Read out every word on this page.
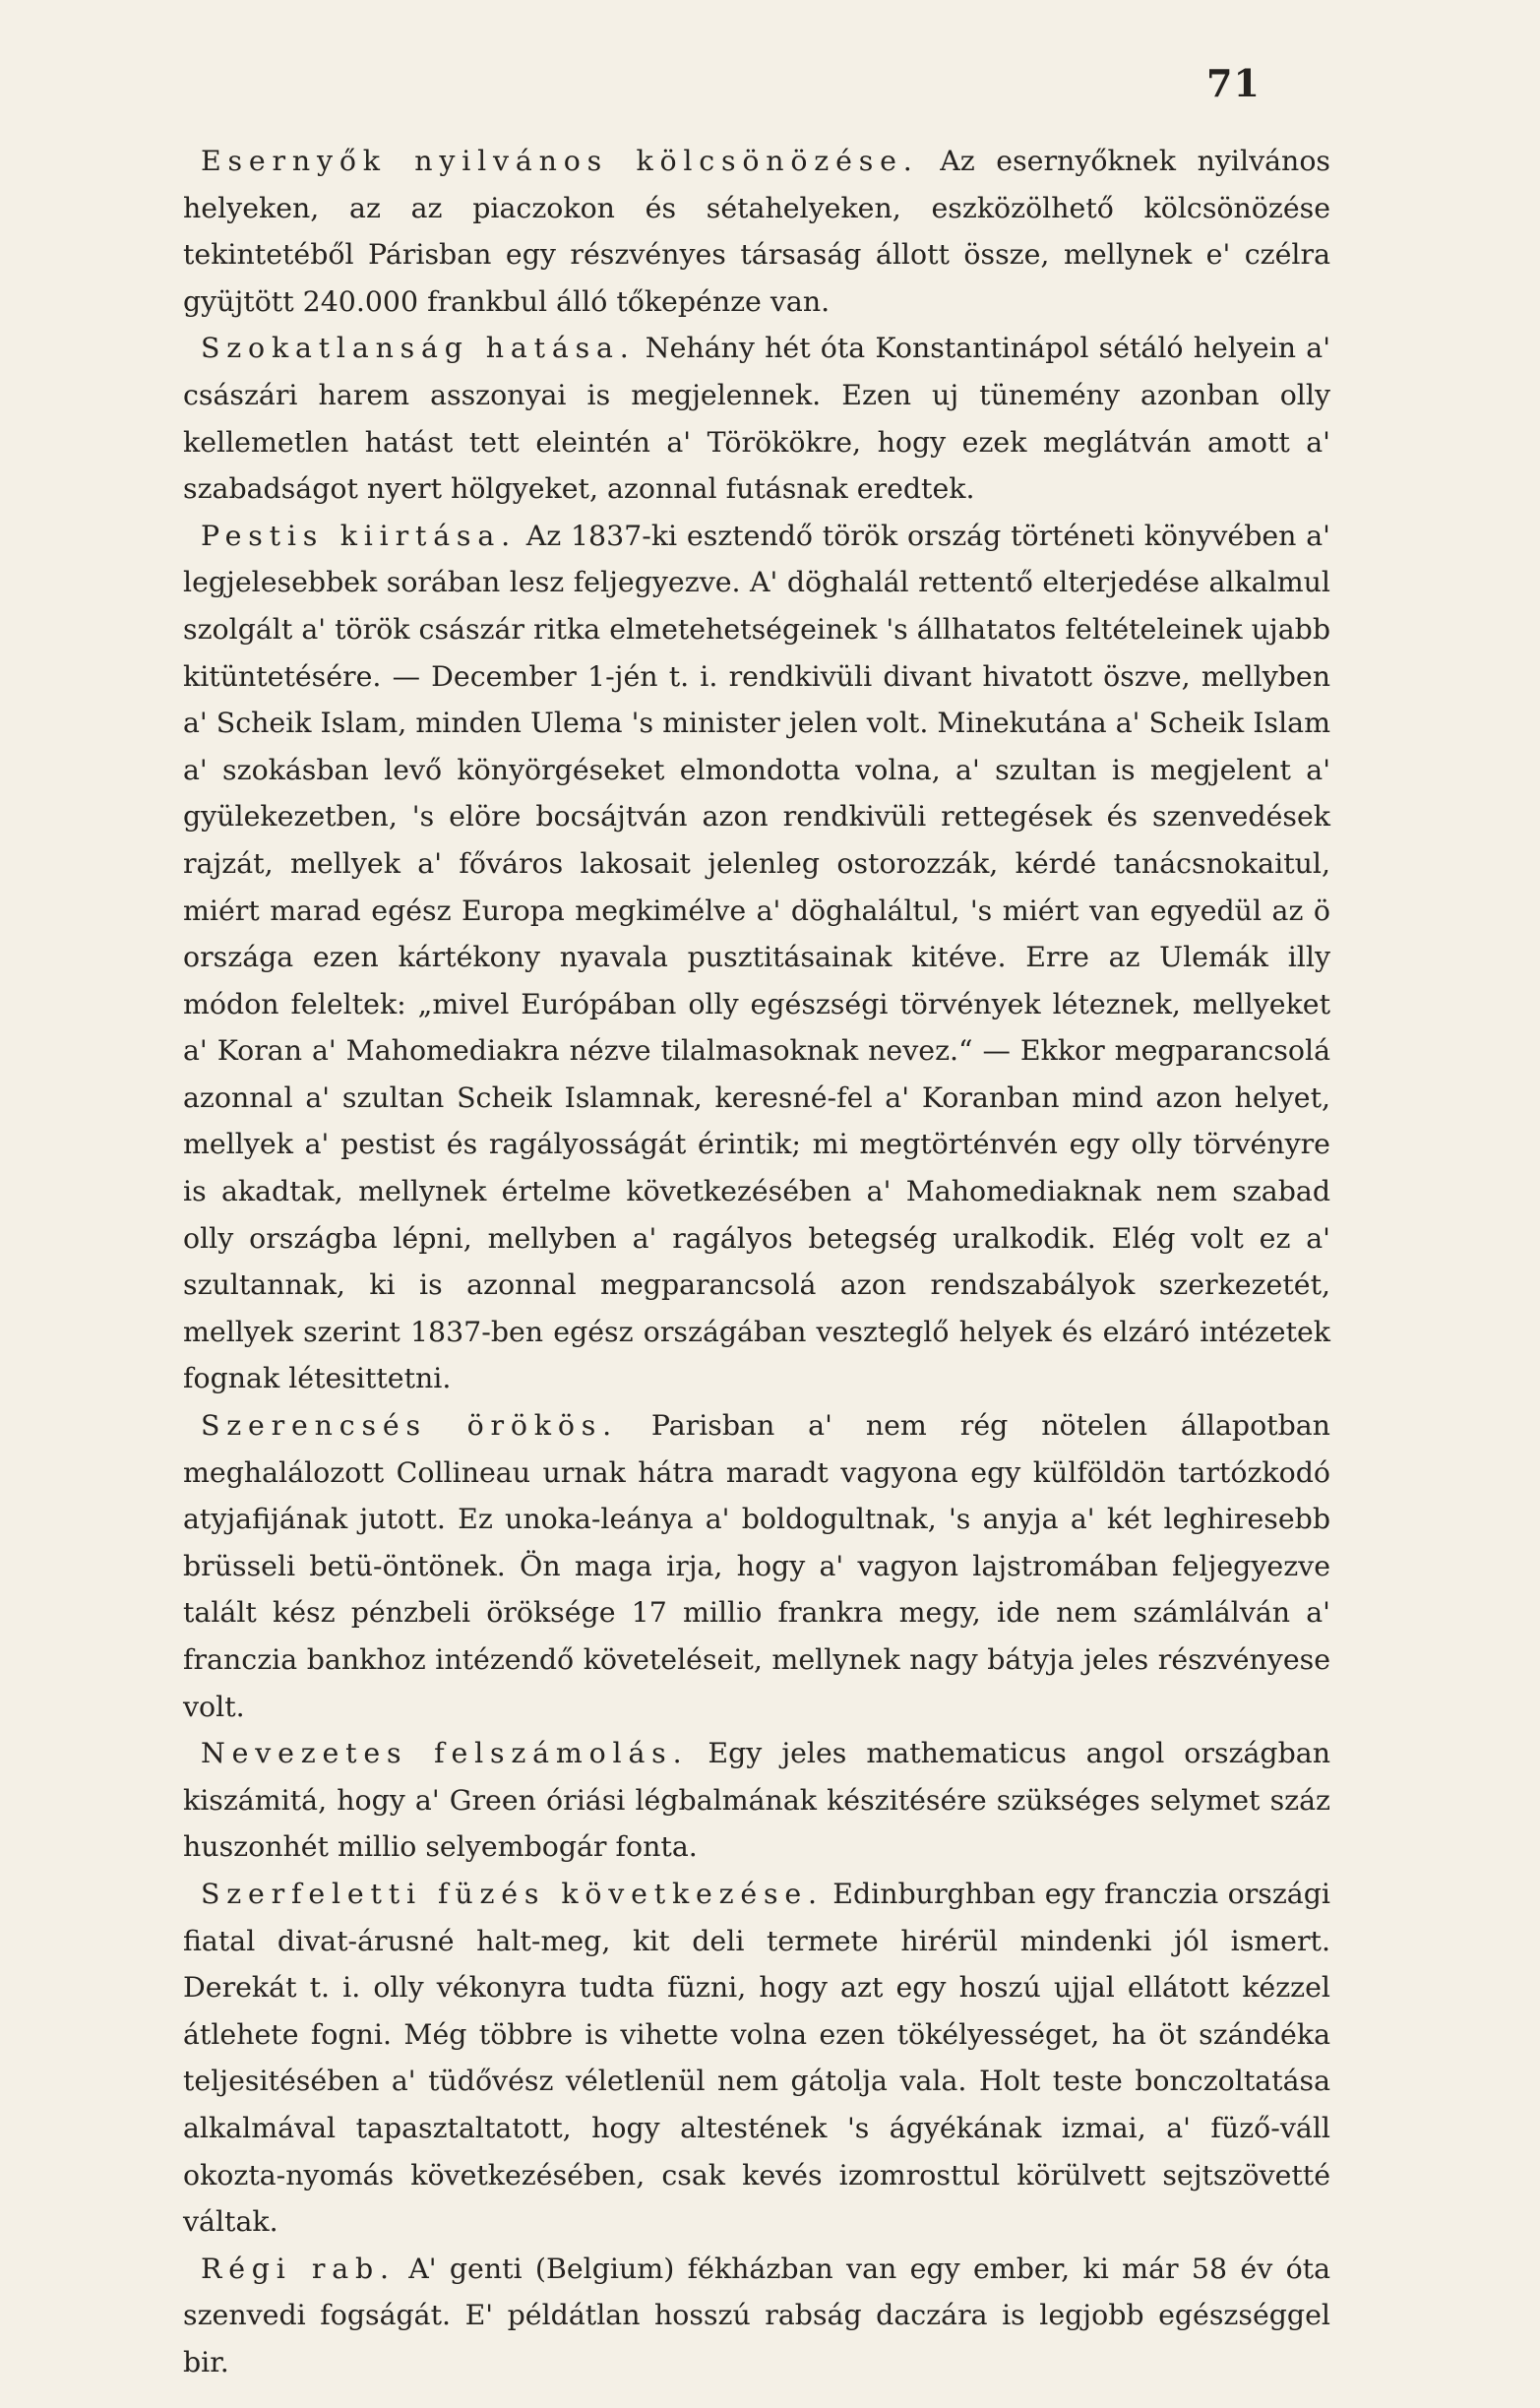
71

Esernyők nyilvános kölcsönözése. Az esernyőknek nyilvános helyeken, az az piaczokon és sétahelyeken, eszközölhető kölcsönözése tekintetéből Párisban egy részvényes társaság állott össze, mellynek e' czélra gyüjtött 240.000 frankbul álló tőkepénze van.

Szokatlanság hatása. Nehány hét óta Konstantinápol sétáló helyein a' császári harem asszonyai is megjelennek. Ezen uj tünemény azonban olly kellemetlen hatást tett eleintén a' Törökökre, hogy ezek meglátván amott a' szabadságot nyert hölgyeket, azonnal futásnak eredtek.

Pestis kiirtása. Az 1837-ki esztendő török ország történeti könyvében a' legjelesebbek sorában lesz feljegyezve. A' döghalál rettentő elterjedése alkalmul szolgált a' török császár ritka elmetehetségeinek 's állhatatos feltételeinek ujabb kitüntetésére. — December 1-jén t. i. rendkivüli divant hivatott öszve, mellyben a' Scheik Islam, minden Ulema 's minister jelen volt. Minekutána a' Scheik Islam a' szokásban levő könyörgéseket elmondotta volna, a' szultan is megjelent a' gyülekezetben, 's elöre bocsájtván azon rendkivüli rettegések és szenvedések rajzát, mellyek a' főváros lakosait jelenleg ostorozzák, kérdé tanácsnokaitul, miért marad egész Europa megkimélve a' döghaláltul, 's miért van egyedül az ö országa ezen kártékony nyavala pusztitásainak kitéve. Erre az Ulemák illy módon feleltek: „mivel Európában olly egészségi törvények léteznek, mellyeket a' Koran a' Mahomediakra nézve tilalmasoknak nevez.“ — Ekkor megparancsolá azonnal a' szultan Scheik Islamnak, keresné-fel a' Koranban mind azon helyet, mellyek a' pestist és ragályosságát érintik; mi megtörténvén egy olly törvényre is akadtak, mellynek értelme következésében a' Mahomediaknak nem szabad olly országba lépni, mellyben a' ragályos betegség uralkodik. Elég volt ez a' szultannak, ki is azonnal megparancsolá azon rendszabályok szerkezetét, mellyek szerint 1837-ben egész országában veszteglő helyek és elzáró intézetek fognak létesittetni.

Szerencsés örökös. Parisban a' nem rég nötelen állapotban meghalálozott Collineau urnak hátra maradt vagyona egy külföldön tartózkodó atyjafijának jutott. Ez unoka-leánya a' boldogultnak, 's anyja a' két leghiresebb brüsseli betü-öntönek. Ön maga irja, hogy a' vagyon lajstromában feljegyezve talált kész pénzbeli öröksége 17 millio frankra megy, ide nem számlálván a' franczia bankhoz intézendő követeléseit, mellynek nagy bátyja jeles részvényese volt.

Nevezetes felszámolás. Egy jeles mathematicus angol országban kiszámitá, hogy a' Green óriási légbalmának készitésére szükséges selymet száz huszonhét millio selyembogár fonta.

Szerfeletti füzés következése. Edinburghban egy franczia országi fiatal divat-árusné halt-meg, kit deli termete hirérül mindenki jól ismert. Derekát t. i. olly vékonyra tudta füzni, hogy azt egy hoszú ujjal ellátott kézzel átlehete fogni. Még többre is vihette volna ezen tökélyességet, ha öt szándéka teljesitésében a' tüdővész véletlenül nem gátolja vala. Holt teste bonczoltatása alkalmával tapasztaltatott, hogy altestének 's ágyékának izmai, a' füző-váll okozta-nyomás következésében, csak kevés izomrosttul körülvett sejtszövetté váltak.

Régi rab. A' genti (Belgium) fékházban van egy ember, ki már 58 év óta szenvedi fogságát. E' példátlan hosszú rabság daczára is legjobb egészséggel bir.
